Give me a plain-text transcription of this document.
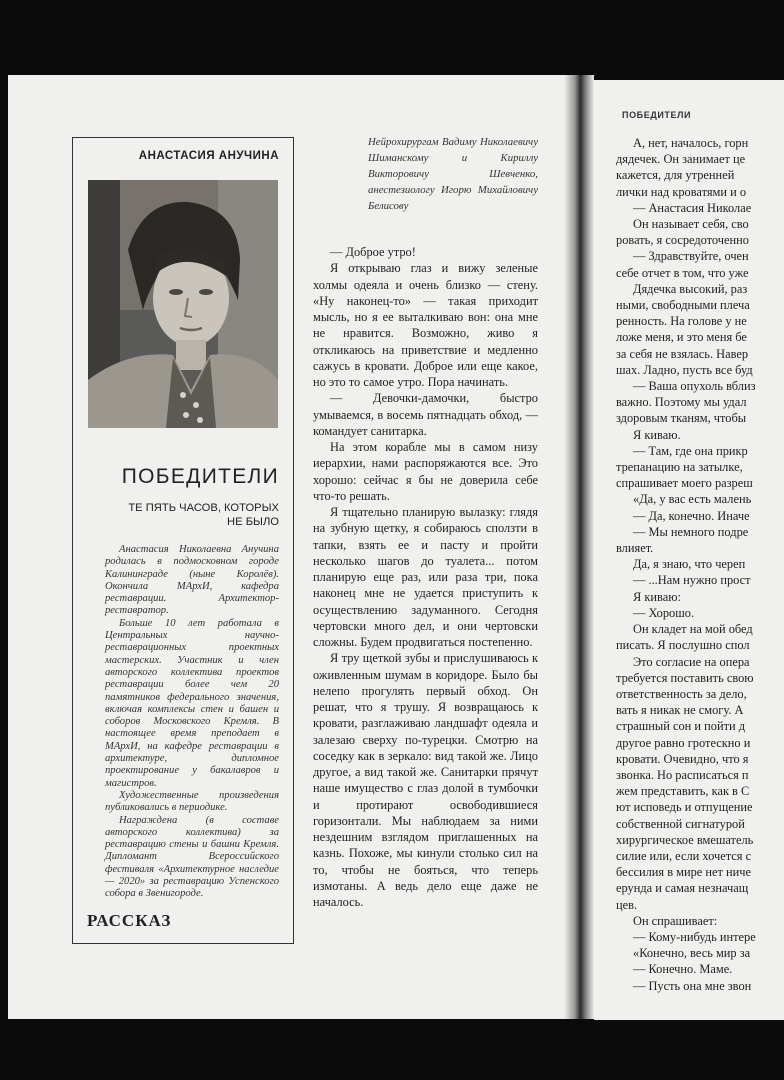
ПОБЕДИТЕЛИ

А, нет, началось, горн

дядечек. Он занимает це

кажется, для утренней

лички над кроватями и о

— Анастасия Николае

Он называет себя, сво

ровать, я сосредоточенно

— Здравствуйте, очен

себе отчет в том, что уже

Дядечка высокий, раз

ными, свободными плеча

ренность. На голове у не

ложе меня, и это меня бе

за себя не взялась. Навер

шах. Ладно, пусть все буд

— Ваша опухоль вблиз

важно. Поэтому мы удал

здоровым тканям, чтобы

Я киваю.

— Там, где она прикр

трепанацию на затылке,

спрашивает моего разреш

«Да, у вас есть малень

— Да, конечно. Иначе

— Мы немного подре

влияет.

Да, я знаю, что череп

— ...Нам нужно прост

Я киваю:

— Хорошо.

Он кладет на мой обед

писать. Я послушно спол

Это согласие на опера

требуется поставить свою

ответственность за дело,

вать я никак не смогу. А

страшный сон и пойти д

другое равно гротескно и

кровати. Очевидно, что я

звонка. Но расписаться п

жем представить, как в С

ют исповедь и отпущение

собственной сигнатурой

хирургическое вмешатель

силие или, если хочется с

бессилия в мире нет ниче

ерунда и самая незначащ

цев.

Он спрашивает:

— Кому-нибудь интере

«Конечно, весь мир за

— Конечно. Маме.

— Пусть она мне звон

АНАСТАСИЯ АНУЧИНА
ПОБЕДИТЕЛИ
ТЕ ПЯТЬ ЧАСОВ, КОТОРЫХ НЕ БЫЛО

Анастасия Николаевна Анучина родилась в подмосковном городе Калининграде (ныне Королёв). Окончила МАрхИ, кафедра реставрации. Архитектор-реставратор.

Больше 10 лет работала в Центральных научно-реставрационных проектных мастерских. Участник и член авторского коллектива проектов реставрации более чем 20 памятников федерального значения, включая комплексы стен и башен и соборов Московского Кремля. В настоящее время преподает в МАрхИ, на кафедре реставрации в архитектуре, дипломное проектирование у бакалавров и магистров.

Художественные произведения публиковались в периодике.

Награждена (в составе авторского коллектива) за реставрацию стены и башни Кремля. Дипломант Всероссийского фестиваля «Архитектурное наследие — 2020» за реставрацию Успенского собора в Звенигороде.

РАССКАЗ

Нейрохирургам Вадиму Николаевичу Шиманскому и Кириллу Викторовичу Шевченко, анестезиологу Игорю Михайловичу Белисову

— Доброе утро!

Я открываю глаз и вижу зеленые холмы одеяла и очень близко — стену. «Ну наконец-то» — такая приходит мысль, но я ее выталкиваю вон: она мне не нравится. Возможно, живо я откликаюсь на приветствие и медленно сажусь в кровати. Доброе или еще какое, но это то самое утро. Пора начинать.

— Девочки-дамочки, быстро умываемся, в восемь пятнадцать обход, — командует санитарка.

На этом корабле мы в самом низу иерархии, нами распоряжаются все. Это хорошо: сейчас я бы не доверила себе что-то решать.

Я тщательно планирую вылазку: глядя на зубную щетку, я собираюсь сползти в тапки, взять ее и пасту и пройти несколько шагов до туалета... потом планирую еще раз, или раза три, пока наконец мне не удается приступить к осуществлению задуманного. Сегодня чертовски много дел, и они чертовски сложны. Будем продвигаться постепенно.

Я тру щеткой зубы и прислушиваюсь к оживленным шумам в коридоре. Было бы нелепо прогулять первый обход. Он решат, что я трушу. Я возвращаюсь к кровати, разглаживаю ландшафт одеяла и залезаю сверху по-турецки. Смотрю на соседку как в зеркало: вид такой же. Лицо другое, а вид такой же. Санитарки прячут наше имущество с глаз долой в тумбочки и протирают освободившиеся горизонтали. Мы наблюдаем за ними нездешним взглядом приглашенных на казнь. Похоже, мы кинули столько сил на то, чтобы не бояться, что теперь измотаны. А ведь дело еще даже не началось.
